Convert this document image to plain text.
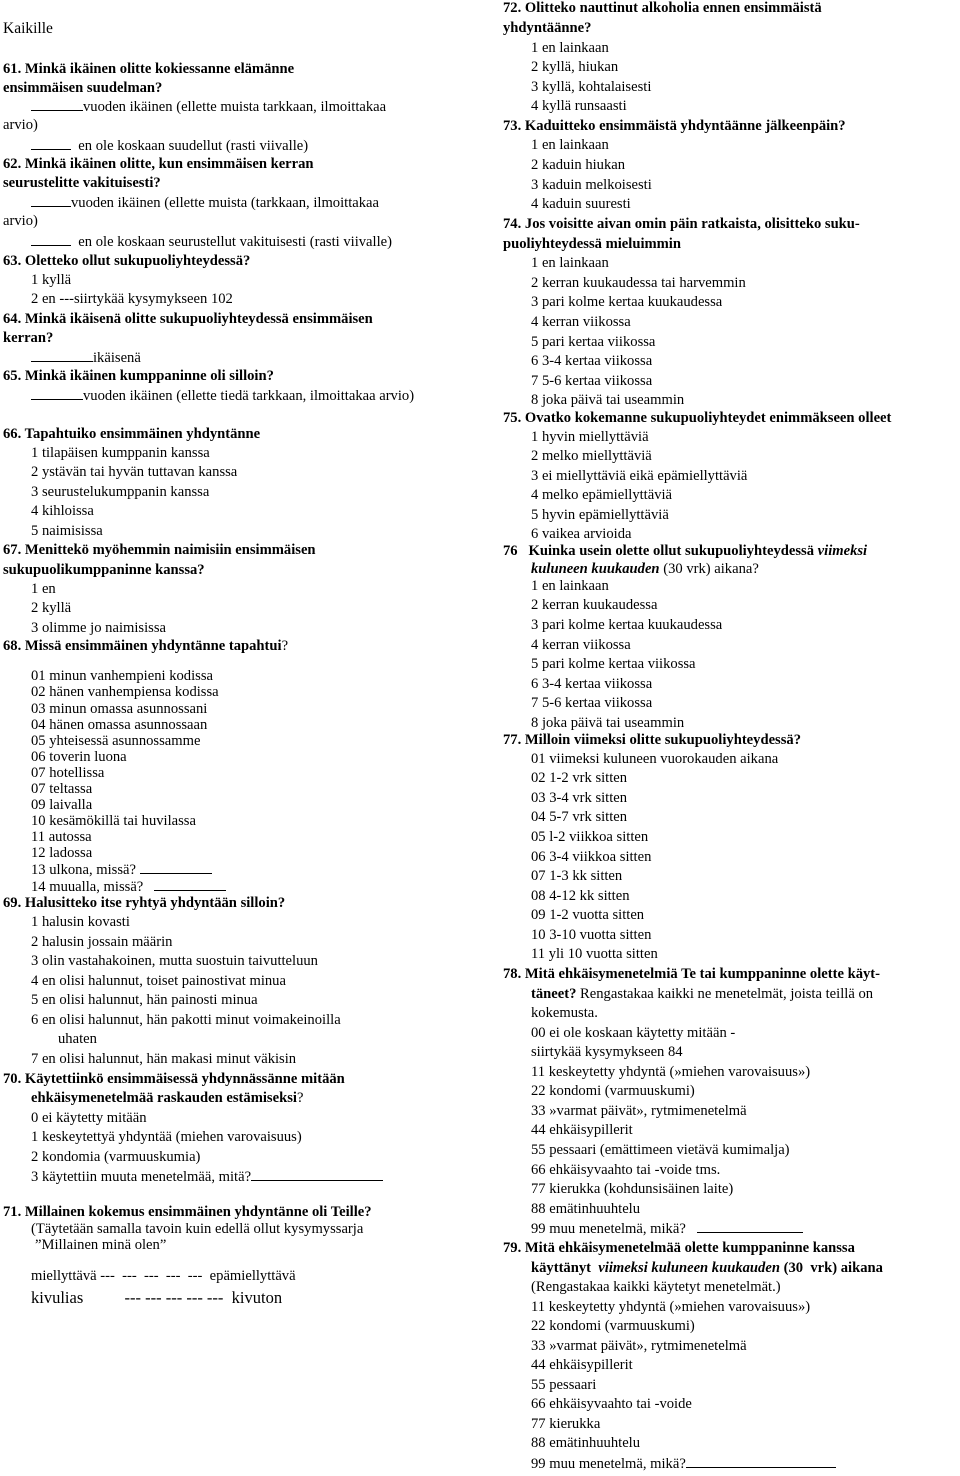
Kaikille
61. Minkä ikäinen olitte kokiessanne elämänne
ensimmäisen suudelman?
vuoden ikäinen (ellette muista tarkkaan, ilmoittakaa
arvio)
en ole koskaan suudellut (rasti viivalle)
62. Minkä ikäinen olitte, kun ensimmäisen kerran
seurustelitte vakituisesti?
vuoden ikäinen (ellette muista (tarkkaan, ilmoittakaa
arvio)
en ole koskaan seurustellut vakituisesti (rasti viivalle)
63. Oletteko ollut sukupuoliyhteydessä?
1 kyllä
2 en ---siirtykää kysymykseen 102
64. Minkä ikäisenä olitte sukupuoliyhteydessä ensimmäisen
kerran?
ikäisenä
65. Minkä ikäinen kumppaninne oli silloin?
vuoden ikäinen (ellette tiedä tarkkaan, ilmoittakaa arvio)
66. Tapahtuiko ensimmäinen yhdyntänne
1 tilapäisen kumppanin kanssa
2 ystävän tai hyvän tuttavan kanssa
3 seurustelukumppanin kanssa
4 kihloissa
5 naimisissa
67. Menittekö myöhemmin naimisiin ensimmäisen
sukupuolikumppaninne kanssa?
1 en
2 kyllä
3 olimme jo naimisissa
68. Missä ensimmäinen yhdyntänne tapahtui?
01 minun vanhempieni kodissa
02 hänen vanhempiensa kodissa
03 minun omassa asunnossani
04 hänen omassa asunnossaan
05 yhteisessä asunnossamme
06 toverin luona
07 hotellissa
07 teltassa
09 laivalla
10 kesämökillä tai huvilassa
11 autossa
12 ladossa
13 ulkona, missä?
14 muualla, missä?
69. Halusitteko itse ryhtyä yhdyntään silloin?
1 halusin kovasti
2 halusin jossain määrin
3 olin vastahakoinen, mutta suostuin taivutteluun
4 en olisi halunnut, toiset painostivat minua
5 en olisi halunnut, hän painosti minua
6 en olisi halunnut, hän pakotti minut voimakeinoilla
uhaten
7 en olisi halunnut, hän makasi minut väkisin
70. Käytettiinkö ensimmäisessä yhdynnässänne mitään
ehkäisymenetelmää raskauden estämiseksi?
0 ei käytetty mitään
1 keskeytettyä yhdyntää (miehen varovaisuus)
2 kondomia (varmuuskumia)
3 käytettiin muuta menetelmää, mitä?
71. Millainen kokemus ensimmäinen yhdyntänne oli Teille?
(Täytetään samalla tavoin kuin edellä ollut kysymyssarja
”Millainen minä olen”
miellyttävä ---  ---  ---  ---  ---  epämiellyttävä
kivulias          --- --- --- --- ---  kivuton
72. Olitteko nauttinut alkoholia ennen ensimmäistä
yhdyntäänne?
1 en lainkaan
2 kyllä, hiukan
3 kyllä, kohtalaisesti
4 kyllä runsaasti
73. Kaduitteko ensimmäistä yhdyntäänne jälkeenpäin?
1 en lainkaan
2 kaduin hiukan
3 kaduin melkoisesti
4 kaduin suuresti
74. Jos voisitte aivan omin päin ratkaista, olisitteko suku-
puoliyhteydessä mieluimmin
1 en lainkaan
2 kerran kuukaudessa tai harvemmin
3 pari kolme kertaa kuukaudessa
4 kerran viikossa
5 pari kertaa viikossa
6 3-4 kertaa viikossa
7 5-6 kertaa viikossa
8 joka päivä tai useammin
75. Ovatko kokemanne sukupuoliyhteydet enimmäkseen olleet
1 hyvin miellyttäviä
2 melko miellyttäviä
3 ei miellyttäviä eikä epämiellyttäviä
4 melko epämiellyttäviä
5 hyvin epämiellyttäviä
6 vaikea arvioida
76   Kuinka usein olette ollut sukupuoliyhteydessä viimeksi
kuluneen kuukauden (30 vrk) aikana?
1 en lainkaan
2 kerran kuukaudessa
3 pari kolme kertaa kuukaudessa
4 kerran viikossa
5 pari kolme kertaa viikossa
6 3-4 kertaa viikossa
7 5-6 kertaa viikossa
8 joka päivä tai useammin
77. Milloin viimeksi olitte sukupuoliyhteydessä?
01 viimeksi kuluneen vuorokauden aikana
02 1-2 vrk sitten
03 3-4 vrk sitten
04 5-7 vrk sitten
05 l-2 viikkoa sitten
06 3-4 viikkoa sitten
07 1-3 kk sitten
08 4-12 kk sitten
09 1-2 vuotta sitten
10 3-10 vuotta sitten
11 yli 10 vuotta sitten
78. Mitä ehkäisymenetelmiä Te tai kumppaninne olette käyt-
täneet? Rengastakaa kaikki ne menetelmät, joista teillä on
kokemusta.
00 ei ole koskaan käytetty mitään -
siirtykää kysymykseen 84
11 keskeytetty yhdyntä (»miehen varovaisuus»)
22 kondomi (varmuuskumi)
33 »varmat päivät», rytmimenetelmä
44 ehkäisypillerit
55 pessaari (emättimeen vietävä kumimalja)
66 ehkäisyvaahto tai -voide tms.
77 kierukka (kohdunsisäinen laite)
88 emätinhuuhtelu
99 muu menetelmä, mikä?
79. Mitä ehkäisymenetelmää olette kumppaninne kanssa
käyttänyt  viimeksi kuluneen kuukauden (30  vrk) aikana
(Rengastakaa kaikki käytetyt menetelmät.)
11 keskeytetty yhdyntä (»miehen varovaisuus»)
22 kondomi (varmuuskumi)
33 »varmat päivät», rytmimenetelmä
44 ehkäisypillerit
55 pessaari
66 ehkäisyvaahto tai -voide
77 kierukka
88 emätinhuuhtelu
99 muu menetelmä, mikä?
